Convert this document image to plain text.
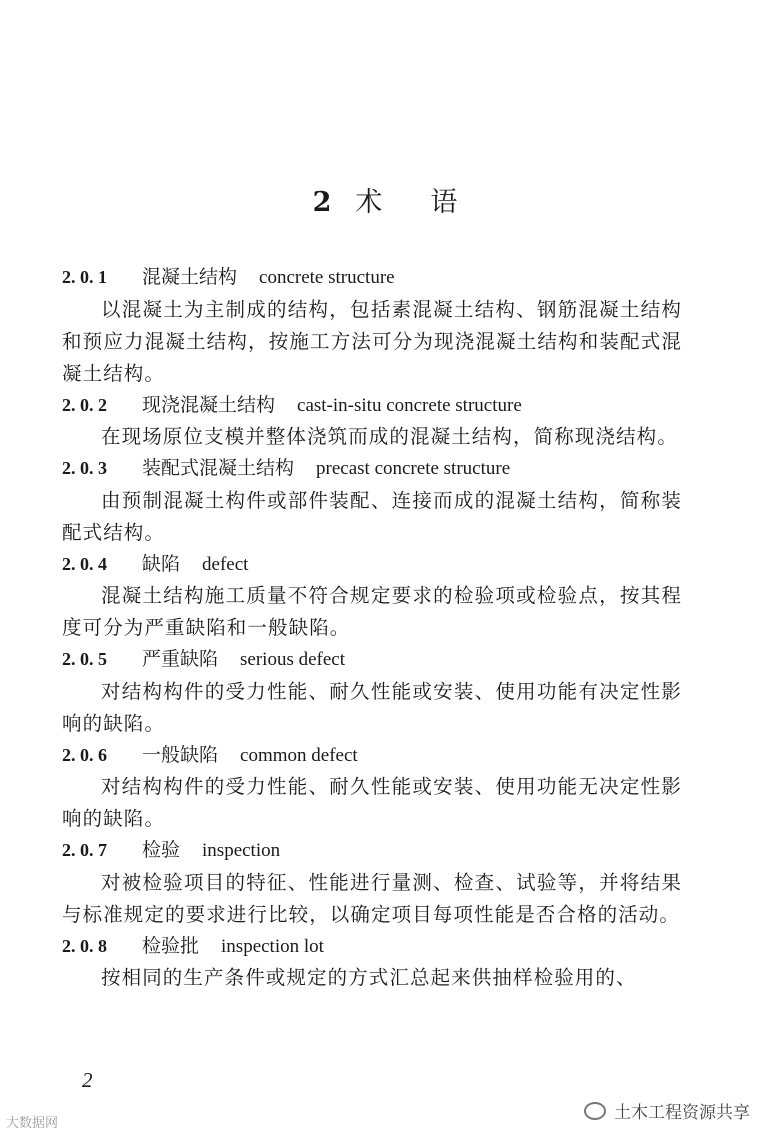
2 术 语
2. 0. 1 混凝土结构 concrete structure

以混凝土为主制成的结构，包括素混凝土结构、钢筋混凝土结构和预应力混凝土结构，按施工方法可分为现浇混凝土结构和装配式混凝土结构。

2. 0. 2 现浇混凝土结构 cast-in-situ concrete structure

在现场原位支模并整体浇筑而成的混凝土结构，简称现浇结构。

2. 0. 3 装配式混凝土结构 precast concrete structure

由预制混凝土构件或部件装配、连接而成的混凝土结构，简称装配式结构。

2. 0. 4 缺陷 defect

混凝土结构施工质量不符合规定要求的检验项或检验点，按其程度可分为严重缺陷和一般缺陷。

2. 0. 5 严重缺陷 serious defect

对结构构件的受力性能、耐久性能或安装、使用功能有决定性影响的缺陷。

2. 0. 6 一般缺陷 common defect

对结构构件的受力性能、耐久性能或安装、使用功能无决定性影响的缺陷。

2. 0. 7 检验 inspection

对被检验项目的特征、性能进行量测、检查、试验等，并将结果与标准规定的要求进行比较，以确定项目每项性能是否合格的活动。

2. 0. 8 检验批 inspection lot

按相同的生产条件或规定的方式汇总起来供抽样检验用的、

2
大数据网
土木工程资源共享
